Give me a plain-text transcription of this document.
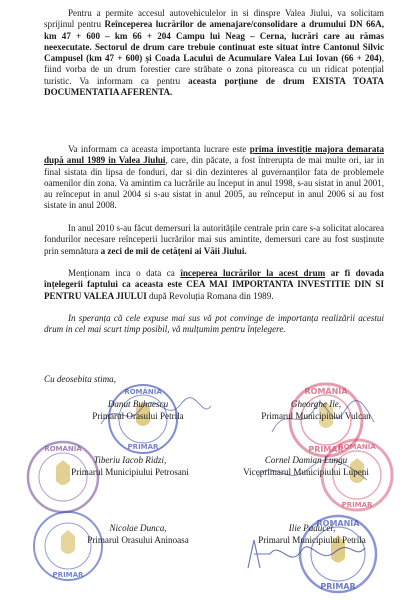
Pentru a permite accesul autovehiculelor in si dinspre Valea Jiului, va solicitam sprijinul pentru Reînceperea lucrărilor de amenajare/consolidare a drumului DN 66A, km 47 + 600 – km 66 + 204 Campu lui Neag – Cerna, lucrări care au rămas neexecutate. Sectorul de drum care trebuie continuat este situat între Cantonul Silvic Campusel (km 47 + 600) și Coada Lacului de Acumulare Valea Lui Iovan (66 + 204), fiind vorba de un drum forestier care străbate o zona pitoreasca cu un ridicat potențial turistic. Va informam ca pentru aceasta porțiune de drum EXISTA TOATA DOCUMENTATIA AFERENTA.
Va informam ca aceasta importanta lucrare este prima investiție majora demarata după anul 1989 in Valea Jiului, care, din păcate, a fost întrerupta de mai multe ori, iar in final sistata din lipsa de fonduri, dar si din dezinteres al guvernanților fata de problemele oamenilor din zona. Va amintim ca lucrările au început in anul 1998, s-au sistat in anul 2001, au reînceput in anul 2004 si s-au sistat in anul 2005, au reînceput in anul 2006 si au fost sistate in anul 2008.
In anul 2010 s-au făcut demersuri la autoritățile centrale prin care s-a solicitat alocarea fondurilor necesare reînceperii lucrărilor mai sus amintite, demersuri care au fost susținute prin semnătura a zeci de mii de cetățeni ai Văii Jiului.
Menționam inca o data ca începerea lucrărilor la acest drum ar fi dovada înțelegerii faptului ca aceasta este CEA MAI IMPORTANTA INVESTITIE DIN SI PENTRU VALEA JIULUI după Revoluția Romana din 1989.
In speranța că cele expuse mai sus vă pot convinge de importanța realizării acestui drum in cel mai scurt timp posibil, vă mulțumim pentru înțelegere.
Cu deosebita stima,
ROMÂNIA
PRIMAR
ROMÂNIA
PRIMAR
ROMANIA	ROMANIA
PRIMAR
PRIMAR
ROMANIA
PRIMAR
Danut Buhaescu
Primarul Orasului Petrila
Gheorghe Ile,
Primarul Municipiului Vulcan
Tiberiu Iacob Ridzi,
Primarul Municipiului Petrosani
Cornel Damian Lungu
Viceprimarul Municipiului Lupeni
Nicolae Dunca,
Primarul Orasului Aninoasa
Ilie Paducel,
Primarul Municipiului Petrila
